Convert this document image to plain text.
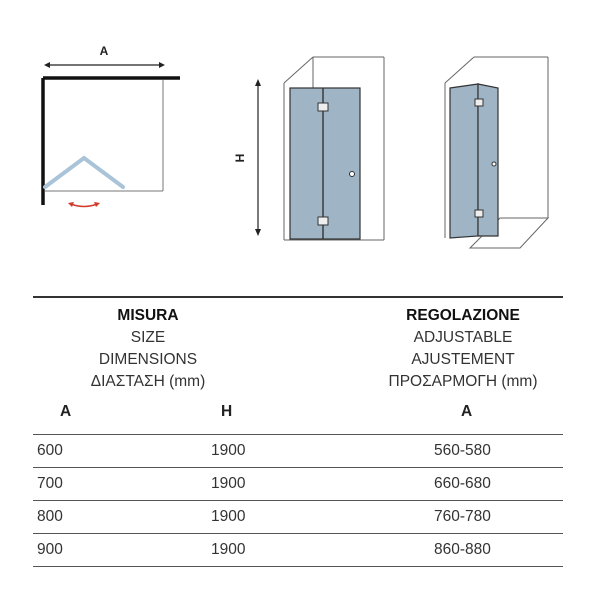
A
H
MISURA
SIZE
DIMENSIONS
ΔΙΑΣΤΑΣΗ (mm)
REGOLAZIONE
ADJUSTABLE
AJUSTEMENT
ΠΡΟΣΑΡΜΟΓΗ (mm)
A	H	A
600	1900	560-580
700	1900	660-680
800	1900	760-780
900	1900	860-880
